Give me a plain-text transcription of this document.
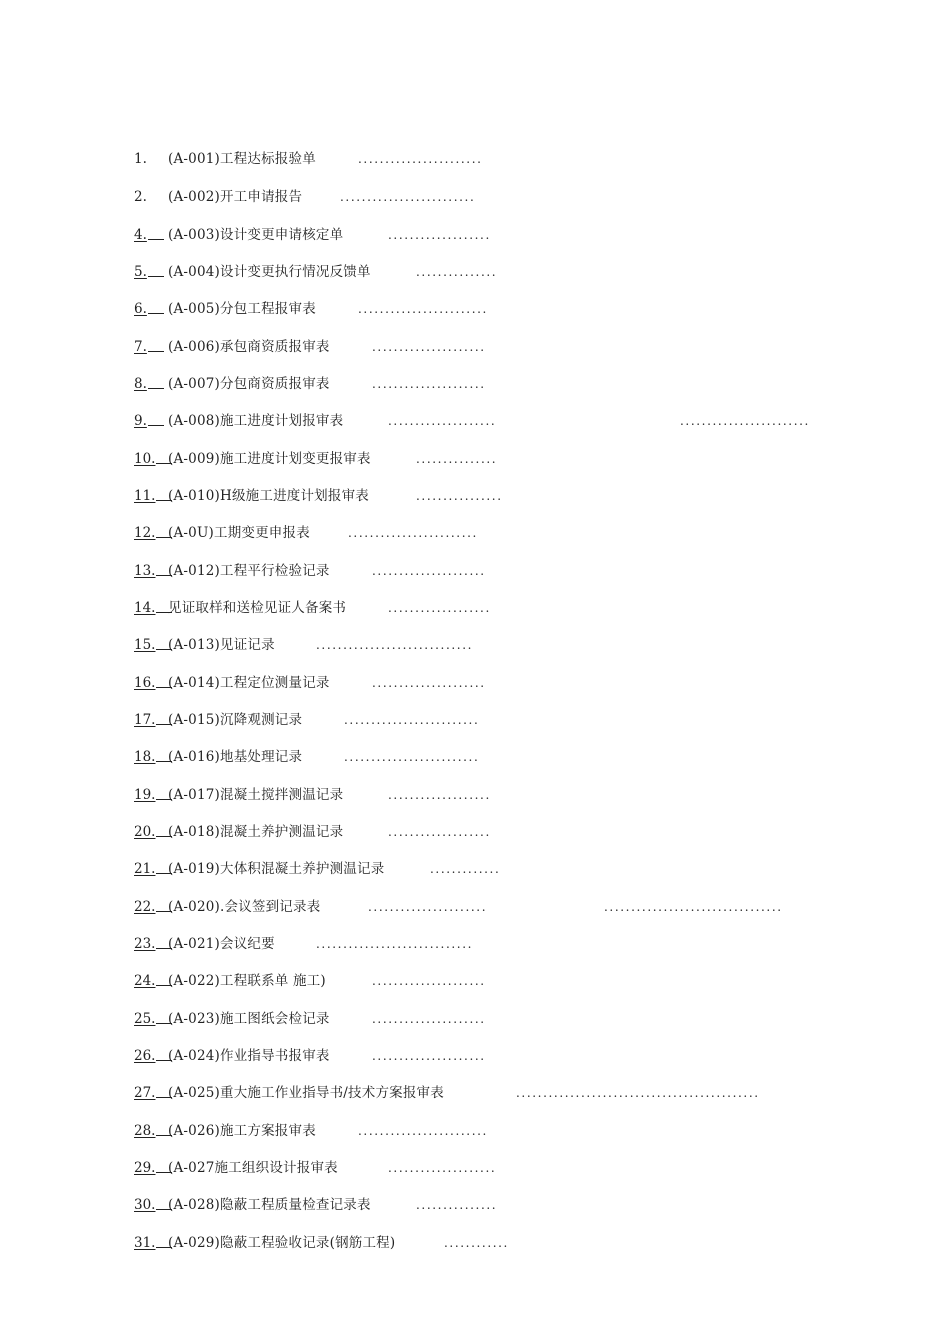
1. (A-001)工程达标报验单	.......................
2. (A-002)开工申请报告	.........................
4.	(A-003)设计变更申请核定单	...................
5.	(A-004)设计变更执行情况反馈单	...............
6.	(A-005)分包工程报审表	........................
7.	(A-006)承包商资质报审表	.....................
8.	(A-007)分包商资质报审表	.....................
9.	(A-008)施工进度计划报审表	....................	........................
10. (A-009)施工进度计划变更报审表	...............
11. (A-010)H级施工进度计划报审表	................
12. (A-0U)工期变更申报表	........................
13. (A-012)工程平行检验记录	.....................
14. 见证取样和送检见证人备案书	...................
15. (A-013)见证记录	.............................
16. (A-014)工程定位测量记录	.....................
17. (A-015)沉降观测记录	.........................
18. (A-016)地基处理记录	.........................
19. (A-017)混凝土搅拌测温记录	...................
20. (A-018)混凝土养护测温记录	...................
21. (A-019)大体积混凝土养护测温记录	.............
22. (A-020).会议签到记录表	......................	.................................
23. (A-021)会议纪要	.............................
24. (A-022)工程联系单 施工)	.....................
25. (A-023)施工图纸会检记录	.....................
26. (A-024)作业指导书报审表	.....................
27. (A-025)重大施工作业指导书/技术方案报审表	.............................................
28. (A-026)施工方案报审表	........................
29. (A-027施工组织设计报审表	....................
30. (A-028)隐蔽工程质量检查记录表	...............
31. (A-029)隐蔽工程验收记录(钢筋工程)	............
